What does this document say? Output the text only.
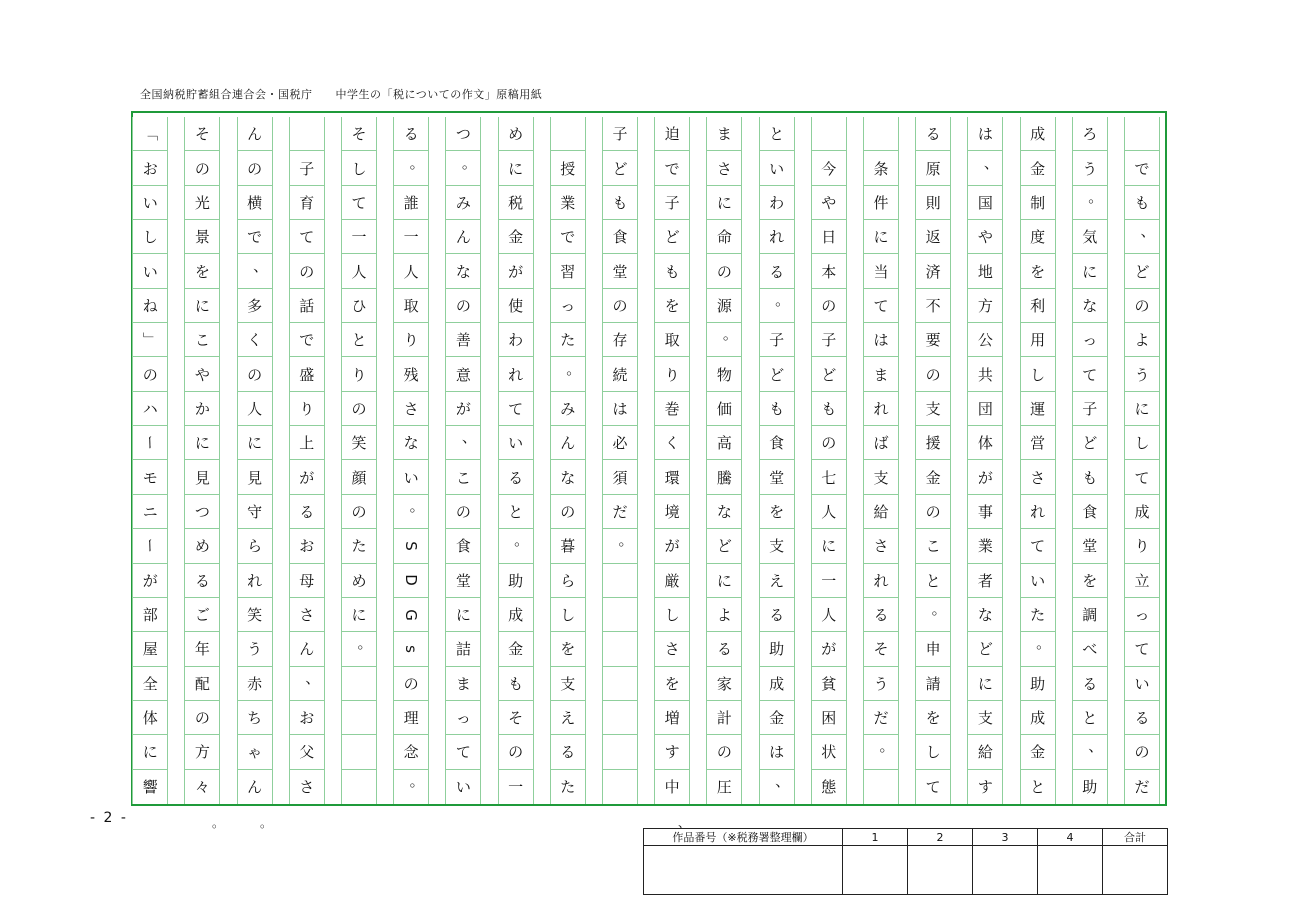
全国納税貯蓄組合連合会・国税庁　　 中学生の「税についての作文」原稿用紙
で
も
、
ど
の
よ
う
に
し
て
成
り
立
っ
て
い
る
の
だ
ろ
う
。
気
に
な
っ
て
子
ど
も
食
堂
を
調
べ
る
と
、
助
成
金
制
度
を
利
用
し
運
営
さ
れ
て
い
た
。
助
成
金
と
は
、
国
や
地
方
公
共
団
体
が
事
業
者
な
ど
に
支
給
す
る
原
則
返
済
不
要
の
支
援
金
の
こ
と
。
申
請
を
し
て
条
件
に
当
て
は
ま
れ
ば
支
給
さ
れ
る
そ
う
だ
。
今
や
日
本
の
子
ど
も
の
七
人
に
一
人
が
貧
困
状
態
と
い
わ
れ
る
。
子
ど
も
食
堂
を
支
え
る
助
成
金
は
、
ま
さ
に
命
の
源
。
物
価
高
騰
な
ど
に
よ
る
家
計
の
圧
迫
で
子
ど
も
を
取
り
巻
く
環
境
が
厳
し
さ
を
増
す
中
子
ど
も
食
堂
の
存
続
は
必
須
だ
。
授
業
で
習
っ
た
。
み
ん
な
の
暮
ら
し
を
支
え
る
た
め
に
税
金
が
使
わ
れ
て
い
る
と
。
助
成
金
も
そ
の
一
つ
。
み
ん
な
の
善
意
が
、
こ
の
食
堂
に
詰
ま
っ
て
い
る
。
誰
一
人
取
り
残
さ
な
い
。
S
D
G
s
の
理
念
。
そ
し
て
一
人
ひ
と
り
の
笑
顔
の
た
め
に
。
子
育
て
の
話
で
盛
り
上
が
る
お
母
さ
ん
、
お
父
さ
ん
の
横
で
、
多
く
の
人
に
見
守
ら
れ
笑
う
赤
ち
ゃ
ん
そ
の
光
景
を
に
こ
や
か
に
見
つ
め
る
ご
年
配
の
方
々
「
お
い
し
い
ね
」
の
ハ
ー
モ
ニ
ー
が
部
屋
全
体
に
響
- 2 -	。	。	、
作品番号（※税務署整理欄）	1	2	3	4	合計
